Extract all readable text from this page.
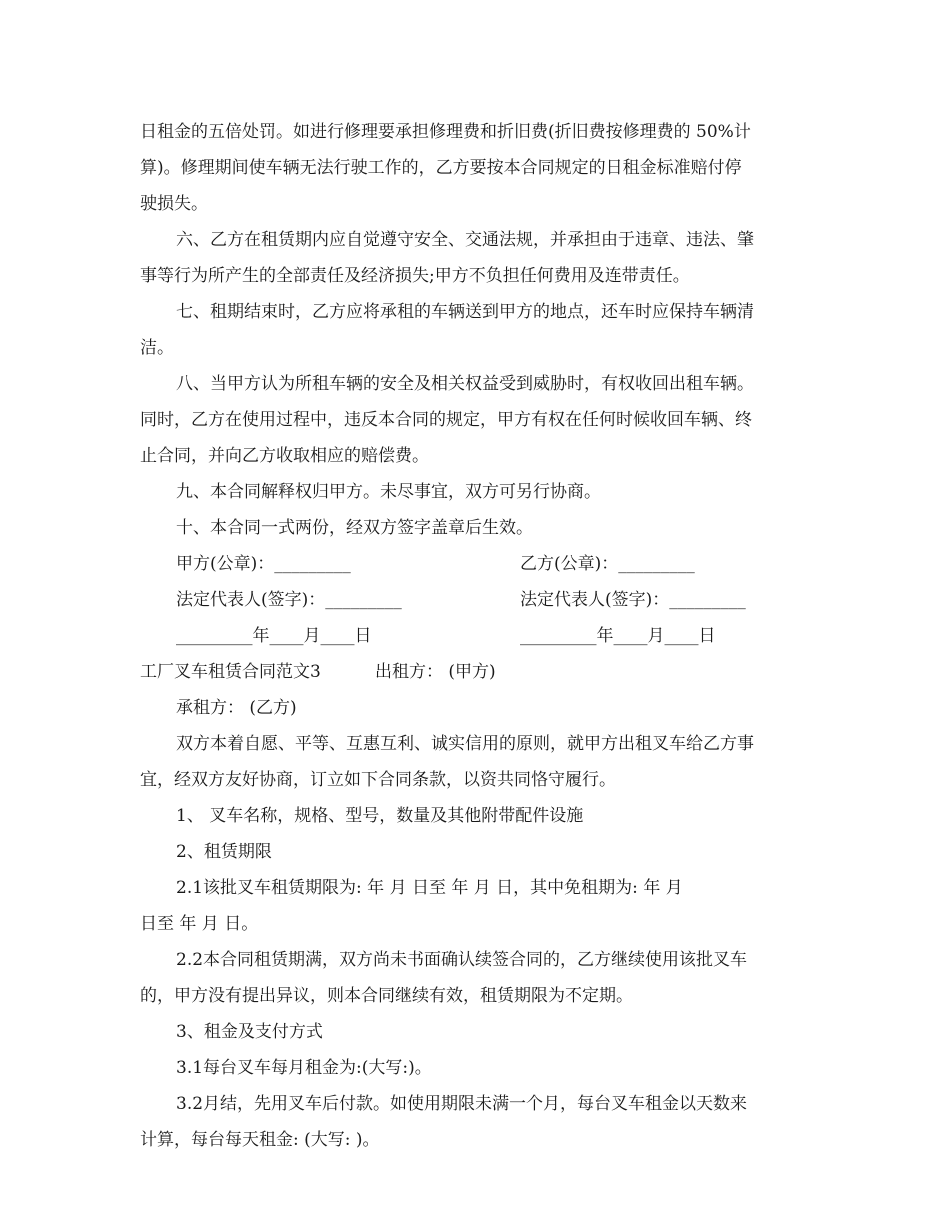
日租金的五倍处罚。如进行修理要承担修理费和折旧费(折旧费按修理费的 50%计
算)。修理期间使车辆无法行驶工作的，乙方要按本合同规定的日租金标准赔付停
驶损失。
六、乙方在租赁期内应自觉遵守安全、交通法规，并承担由于违章、违法、肇
事等行为所产生的全部责任及经济损失;甲方不负担任何费用及连带责任。
七、租期结束时，乙方应将承租的车辆送到甲方的地点，还车时应保持车辆清
洁。
八、当甲方认为所租车辆的安全及相关权益受到威胁时，有权收回出租车辆。
同时，乙方在使用过程中，违反本合同的规定，甲方有权在任何时候收回车辆、终
止合同，并向乙方收取相应的赔偿费。
九、本合同解释权归甲方。未尽事宜，双方可另行协商。
十、本合同一式两份，经双方签字盖章后生效。
甲方(公章)：_________	乙方(公章)：_________
法定代表人(签字)：_________	法定代表人(签字)：_________
_________年____月____日	_________年____月____日
工厂叉车租赁合同范文3	出租方： (甲方)
承租方： (乙方)
双方本着自愿、平等、互惠互利、诚实信用的原则，就甲方出租叉车给乙方事
宜，经双方友好协商，订立如下合同条款，以资共同恪守履行。
1、 叉车名称，规格、型号，数量及其他附带配件设施
2、租赁期限
2.1该批叉车租赁期限为: 年 月 日至 年 月 日，其中免租期为: 年 月
日至 年 月 日。
2.2本合同租赁期满，双方尚未书面确认续签合同的，乙方继续使用该批叉车
的，甲方没有提出异议，则本合同继续有效，租赁期限为不定期。
3、租金及支付方式
3.1每台叉车每月租金为:(大写:)。
3.2月结，先用叉车后付款。如使用期限未满一个月，每台叉车租金以天数来
计算，每台每天租金: (大写: )。
